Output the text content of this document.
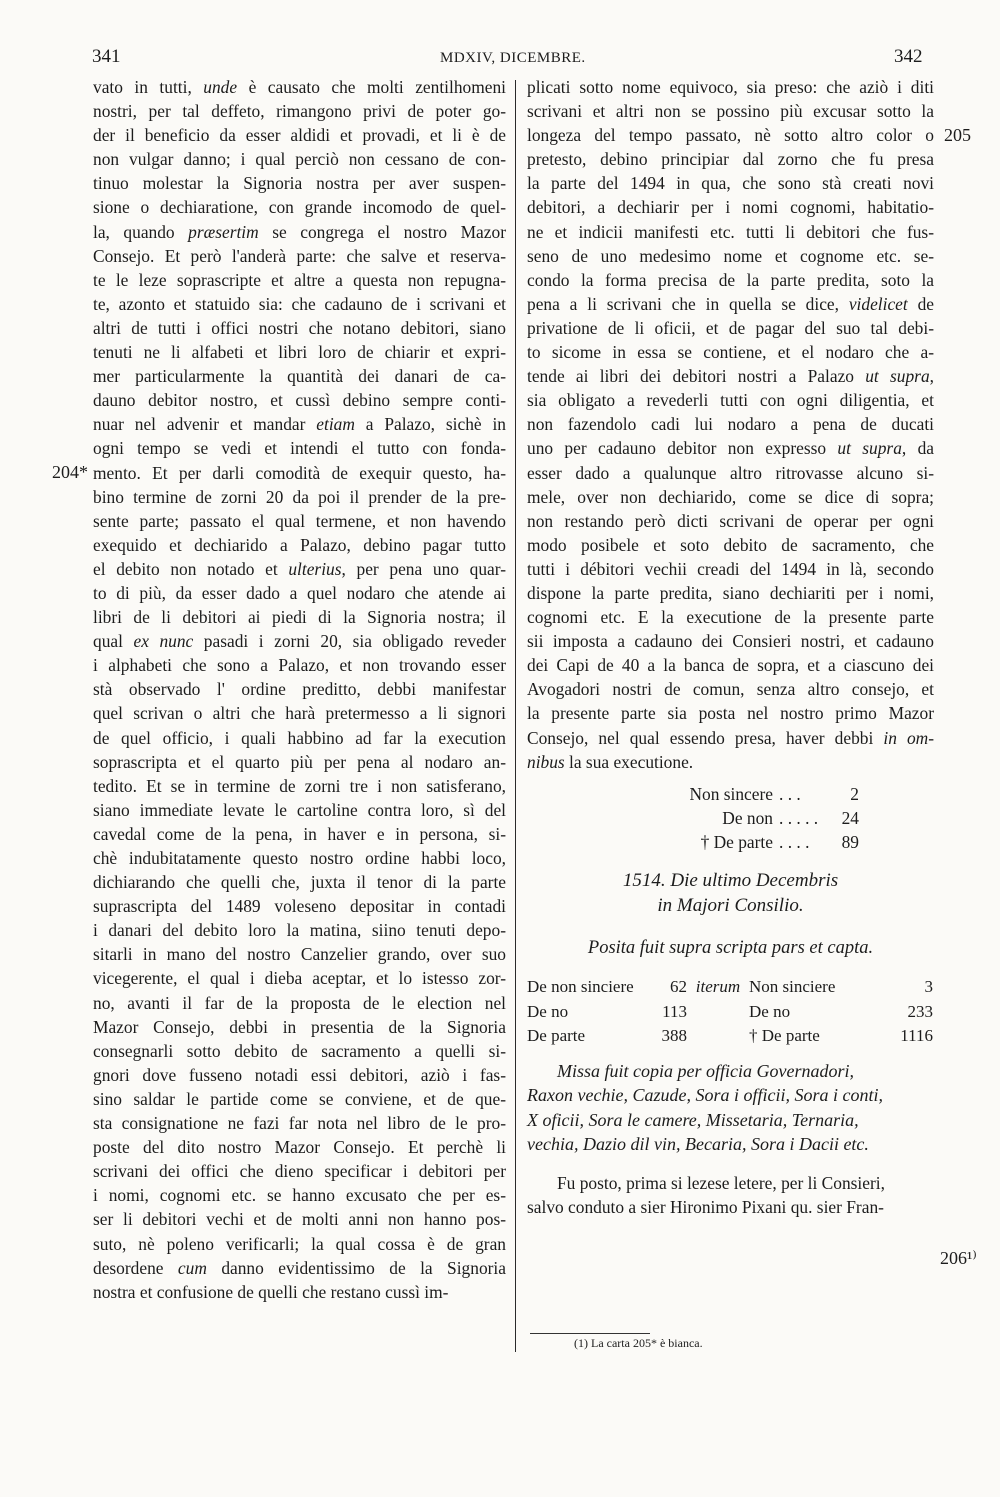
341	MDXIV, DICEMBRE.	342
204*
205
206¹⁾
vato in tutti, unde è causato che molti zentilhomeni
nostri, per tal deffeto, rimangono privi de poter go-
der il beneficio da esser aldidi et provadi, et li è de
non vulgar danno; i qual perciò non cessano de con-
tinuo molestar la Signoria nostra per aver suspen-
sione o dechiaratione, con grande incomodo de quel-
la, quando præsertim se congrega el nostro Mazor
Consejo. Et però l'anderà parte: che salve et reserva-
te le leze soprascripte et altre a questa non repugna-
te, azonto et statuido sia: che cadauno de i scrivani et
altri de tutti i offici nostri che notano debitori, siano
tenuti ne li alfabeti et libri loro de chiarir et expri-
mer particularmente la quantità dei danari de ca-
dauno debitor nostro, et cussì debino sempre conti-
nuar nel advenir et mandar etiam a Palazo, sichè in
ogni tempo se vedi et intendi el tutto con fonda-
mento. Et per darli comodità de exequir questo, ha-
bino termine de zorni 20 da poi il prender de la pre-
sente parte; passato el qual termene, et non havendo
exequido et dechiarido a Palazo, debino pagar tutto
el debito non notado et ulterius, per pena uno quar-
to di più, da esser dado a quel nodaro che atende ai
libri de li debitori ai piedi di la Signoria nostra; il
qual ex nunc pasadi i zorni 20, sia obligado reveder
i alphabeti che sono a Palazo, et non trovando esser
stà observado l' ordine preditto, debbi manifestar
quel scrivan o altri che harà pretermesso a li signori
de quel officio, i quali habbino ad far la execution
soprascripta et el quarto più per pena al nodaro an-
tedito. Et se in termine de zorni tre i non satisferano,
siano immediate levate le cartoline contra loro, sì del
cavedal come de la pena, in haver e in persona, si-
chè indubitatamente questo nostro ordine habbi loco,
dichiarando che quelli che, juxta il tenor di la parte
suprascripta del 1489 voleseno depositar in contadi
i danari del debito loro la matina, siino tenuti depo-
sitarli in mano del nostro Canzelier grando, over suo
vicegerente, el qual i dieba aceptar, et lo istesso zor-
no, avanti il far de la proposta de le election nel
Mazor Consejo, debbi in presentia de la Signoria
consegnarli sotto debito de sacramento a quelli si-
gnori dove fusseno notadi essi debitori, aziò i fas-
sino saldar le partide come se conviene, et de que-
sta consignatione ne fazi far nota nel libro de le pro-
poste del dito nostro Mazor Consejo. Et perchè li
scrivani dei offici che dieno specificar i debitori per
i nomi, cognomi etc. se hanno excusato che per es-
ser li debitori vechi et de molti anni non hanno pos-
suto, nè poleno verificarli; la qual cossa è de gran
desordene cum danno evidentissimo de la Signoria
nostra et confusione de quelli che restano cussì im-
plicati sotto nome equivoco, sia preso: che aziò i diti
scrivani et altri non se possino più excusar sotto la
longeza del tempo passato, nè sotto altro color o
pretesto, debino principiar dal zorno che fu presa
la parte del 1494 in qua, che sono stà creati novi
debitori, a dechiarir per i nomi cognomi, habitatio-
ne et indicii manifesti etc. tutti li debitori che fus-
seno de uno medesimo nome et cognome etc. se-
condo la forma precisa de la parte predita, soto la
pena a li scrivani che in quella se dice, videlicet de
privatione de li oficii, et de pagar del suo tal debi-
to sicome in essa se contiene, et el nodaro che a-
tende ai libri dei debitori nostri a Palazo ut supra,
sia obligato a revederli tutti con ogni diligentia, et
non fazendolo cadi lui nodaro a pena de ducati
uno per cadauno debitor non expresso ut supra, da
esser dado a qualunque altro ritrovasse alcuno si-
mele, over non dechiarido, come se dice di sopra;
non restando però dicti scrivani de operar per ogni
modo posibele et soto debito de sacramento, che
tutti i débitori vechii creadi del 1494 in là, secondo
dispone la parte predita, siano dechiariti per i nomi,
cognomi etc. E la executione de la presente parte
sii imposta a cadauno dei Consieri nostri, et cadauno
dei Capi de 40 a la banca de sopra, et a ciascuno dei
Avogadori nostri de comun, senza altro consejo, et
la presente parte sia posta nel nostro primo Mazor
Consejo, nel qual essendo presa, haver debbi in om-
nibus la sua executione.
Non sincere . . .	2
De non . . . . .	24
† De parte . . . .	89
1514. Die ultimo Decembris
in Majori Consilio.
Posita fuit supra scripta pars et capta.
De non sinciere 62 iterum Non sinciere	3
De no	113	De no	233
De parte	388	† De parte	1116
Missa fuit copia per officia Governadori,
Raxon vechie, Cazude, Sora i officii, Sora i conti,
X oficii, Sora le camere, Missetaria, Ternaria,
vechia, Dazio dil vin, Becaria, Sora i Dacii etc.
Fu posto, prima si lezese letere, per li Consieri,
salvo conduto a sier Hironimo Pixani qu. sier Fran-
(1) La carta 205* è bianca.
